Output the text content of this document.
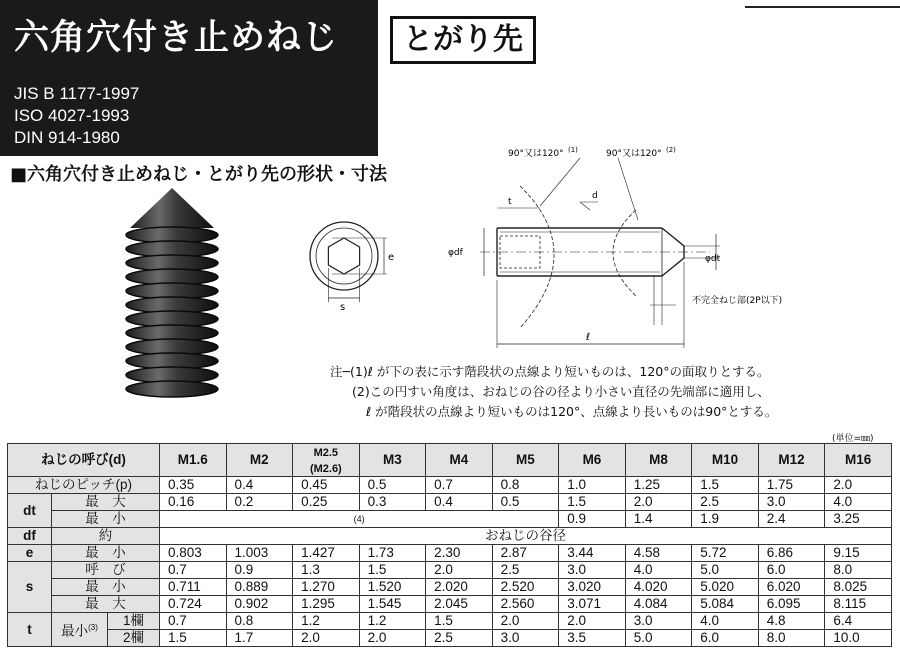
六角穴付き止めねじ	とがり先
JIS B 1177-1997
ISO 4027-1993
DIN 914-1980
■六角穴付き止めねじ・とがり先の形状・寸法
e
s
90°又は120° (1)	90°又は120° (2)
d
t
φdf
φdt
不完全ねじ部(2P以下)
ℓ
注─(1)ℓ が下の表に示す階段状の点線より短いものは、120°の面取りとする。
(2)この円すい角度は、おねじの谷の径より小さい直径の先端部に適用し、
ℓ が階段状の点線より短いものは120°、点線より長いものは90°とする。
(単位=㎜)
ねじの呼び(d)			M1.6	M2	M2.5
(M2.6)	M3	M4	M5	M6	M8	M10	M12	M16
ねじのピッチ(p)			0.35	0.4	0.45	0.5	0.7	0.8	1.0	1.25	1.5	1.75	2.0
dt	最　大		0.16	0.2	0.25	0.3	0.4	0.5	1.5	2.0	2.5	3.0	4.0
	最　小		(4)						0.9	1.4	1.9	2.4	3.25
df	約		おねじの谷径										
e	最　小		0.803	1.003	1.427	1.73	2.30	2.87	3.44	4.58	5.72	6.86	9.15
s	呼　び		0.7	0.9	1.3	1.5	2.0	2.5	3.0	4.0	5.0	6.0	8.0
	最　小		0.711	0.889	1.270	1.520	2.020	2.520	3.020	4.020	5.020	6.020	8.025
	最　大		0.724	0.902	1.295	1.545	2.045	2.560	3.071	4.084	5.084	6.095	8.115
t	最小$^{(3)}$	1欄	0.7	0.8	1.2	1.2	1.5	2.0	2.0	3.0	4.0	4.8	6.4
		2欄	1.5	1.7	2.0	2.0	2.5	3.0	3.5	5.0	6.0	8.0	10.0
